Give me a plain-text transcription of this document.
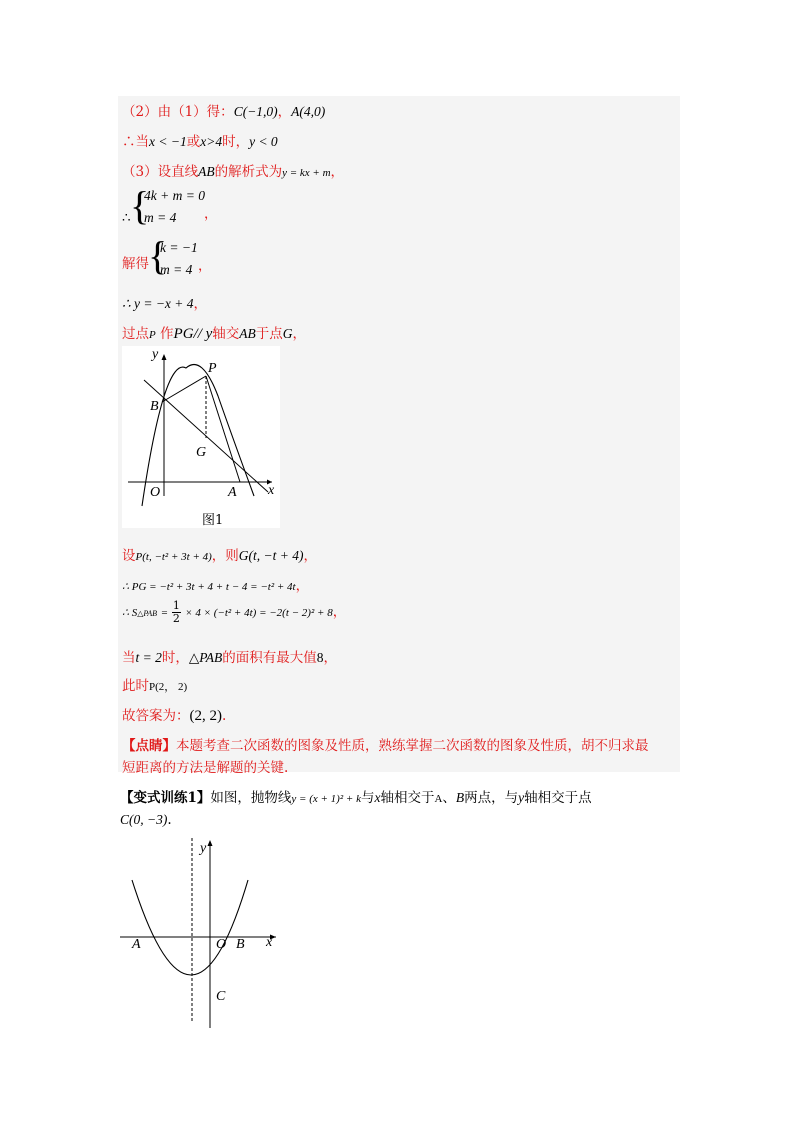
（2）由（1）得：C(−1,0)，A(4,0)
∴当x < −1或x>4时，y < 0
（3）设直线AB的解析式为y = kx + m，
∴ {
4k + m = 0
m = 4 ，
解得 {
k = −1
m = 4 ，
∴ y = −x + 4，
过点P 作PG// y轴交AB于点G，
y
x
O	A
B
P
G
图1
设P(t, −t² + 3t + 4)，则G(t, −t + 4)，
∴ PG = −t² + 3t + 4 + t − 4 = −t² + 4t，
∴ S△PAB = $\frac{1}{2} \times 4 \times (-t^2 + 4t) = -2(t - 2)^2 + 8$，
当t = 2时，△PAB的面积有最大值8，
此时P(2， 2)
故答案为：(2, 2).
【点睛】本题考查二次函数的图象及性质，熟练掌握二次函数的图象及性质，胡不归求最
短距离的方法是解题的关键.
【变式训练1】如图，抛物线y = (x + 1)² + k与x轴相交于A、B两点，与y轴相交于点
C(0, −3).
y
x
O
A	B
C
